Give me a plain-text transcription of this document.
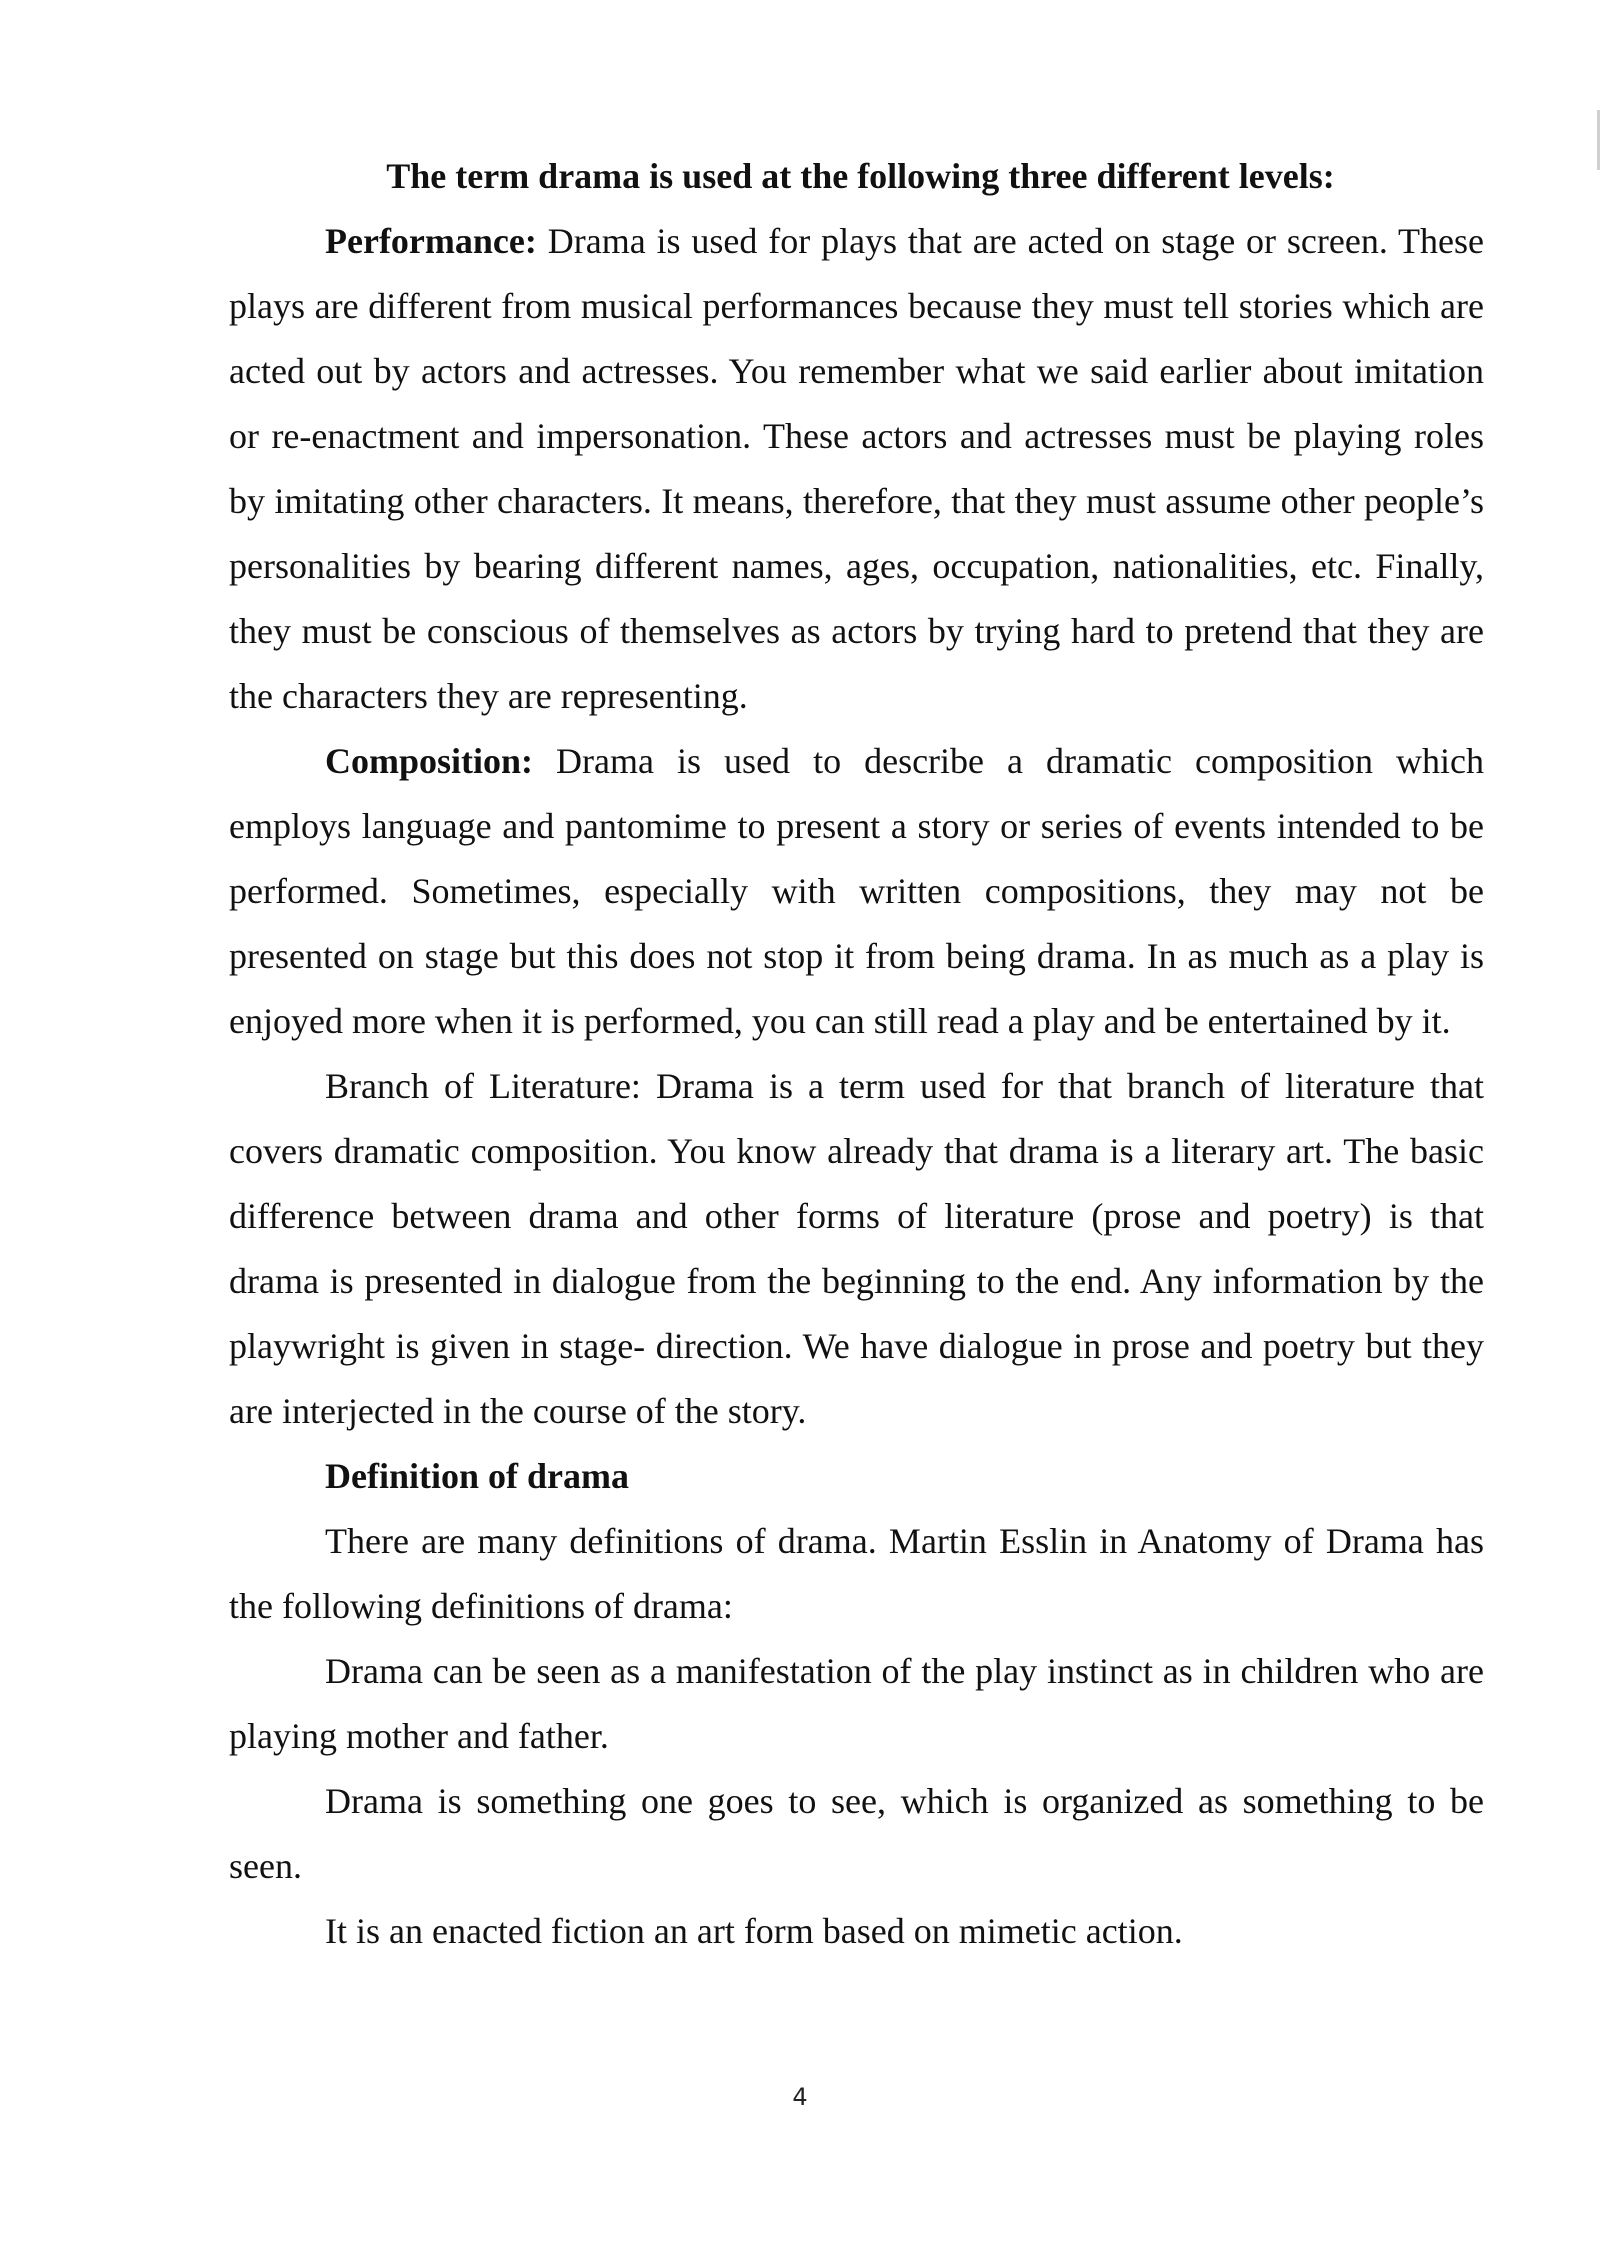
The term drama is used at the following three different levels:

Performance: Drama is used for plays that are acted on stage or screen. These plays are different from musical performances because they must tell stories which are acted out by actors and actresses. You remember what we said earlier about imitation or re-enactment and impersonation. These actors and actresses must be playing roles by imitating other characters. It means, therefore, that they must assume other people’s personalities by bearing different names, ages, occupation, nationalities, etc. Finally, they must be conscious of themselves as actors by trying hard to pretend that they are the characters they are representing.

Composition: Drama is used to describe a dramatic composition which employs language and pantomime to present a story or series of events intended to be performed. Sometimes, especially with written compositions, they may not be presented on stage but this does not stop it from being drama. In as much as a play is enjoyed more when it is performed, you can still read a play and be entertained by it.

Branch of Literature: Drama is a term used for that branch of literature that covers dramatic composition. You know already that drama is a literary art. The basic difference between drama and other forms of literature (prose and poetry) is that drama is presented in dialogue from the beginning to the end. Any information by the playwright is given in stage- direction. We have dialogue in prose and poetry but they are interjected in the course of the story.

Definition of drama

There are many definitions of drama. Martin Esslin in Anatomy of Drama has the following definitions of drama:

Drama can be seen as a manifestation of the play instinct as in children who are playing mother and father.

Drama is something one goes to see, which is organized as something to be seen.

It is an enacted fiction an art form based on mimetic action.

4
